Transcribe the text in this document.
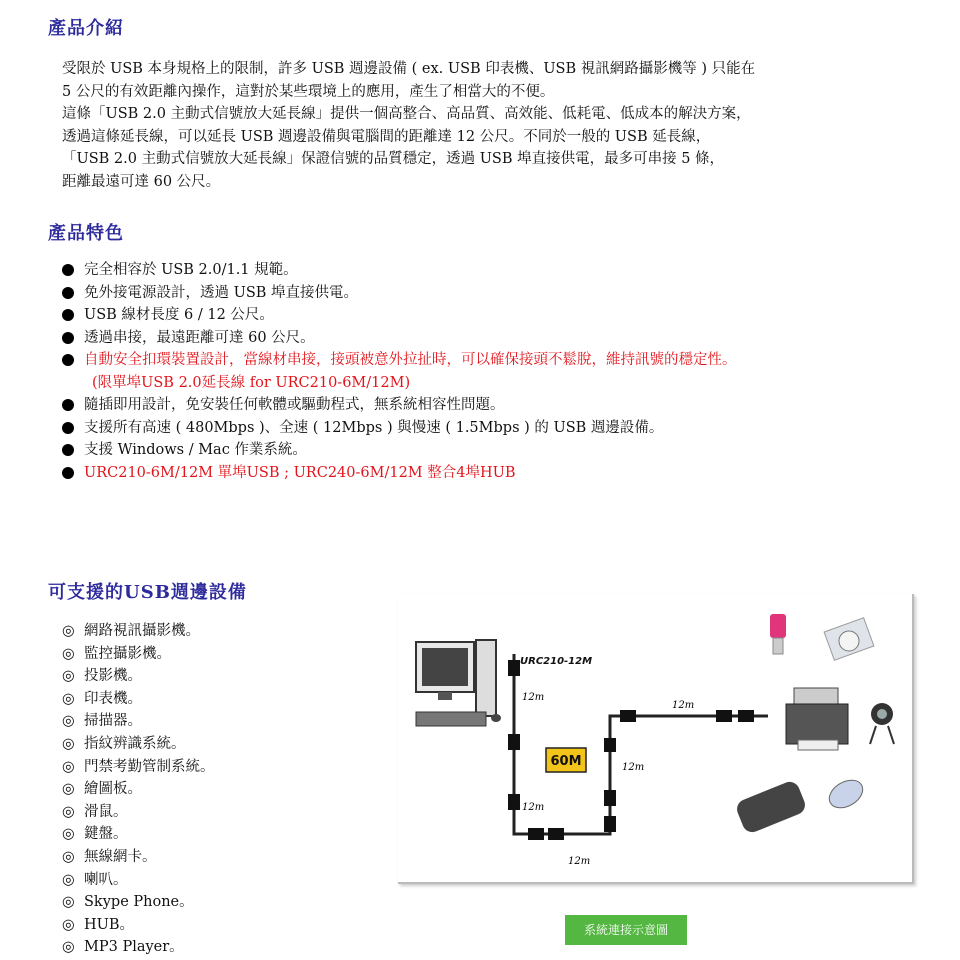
產品介紹
受限於 USB 本身規格上的限制，許多 USB 週邊設備 ( ex. USB 印表機、USB 視訊網路攝影機等 ) 只能在
5 公尺的有效距離內操作，這對於某些環境上的應用，產生了相當大的不便。
這條「USB 2.0 主動式信號放大延長線」提供一個高整合、高品質、高效能、低耗電、低成本的解決方案，
透過這條延長線，可以延長 USB 週邊設備與電腦間的距離達 12 公尺。不同於一般的 USB 延長線，
「USB 2.0 主動式信號放大延長線」保證信號的品質穩定，透過 USB 埠直接供電，最多可串接 5 條，
距離最遠可達 60 公尺。
產品特色
完全相容於 USB 2.0/1.1 規範。
免外接電源設計，透過 USB 埠直接供電。
USB 線材長度 6 / 12 公尺。
透過串接，最遠距離可達 60 公尺。
自動安全扣環裝置設計，當線材串接，接頭被意外拉扯時，可以確保接頭不鬆脫，維持訊號的穩定性。
(限單埠USB 2.0延長線 for URC210-6M/12M)
隨插即用設計，免安裝任何軟體或驅動程式，無系統相容性問題。
支援所有高速 ( 480Mbps )、全速 ( 12Mbps ) 與慢速 ( 1.5Mbps ) 的 USB 週邊設備。
支援 Windows / Mac 作業系統。
URC210-6M/12M 單埠USB ; URC240-6M/12M 整合4埠HUB
可支援的USB週邊設備
◎ 網路視訊攝影機。
◎ 監控攝影機。
◎ 投影機。
◎ 印表機。
◎ 掃描器。
◎ 指紋辨識系統。
◎ 門禁考勤管制系統。
◎ 繪圖板。
◎ 滑鼠。
◎ 鍵盤。
◎ 無線網卡。
◎ 喇叭。
◎ Skype Phone。
◎ HUB。
◎ MP3 Player。
URC210-12M
60M
12m
12m
12m
12m
12m
系統連接示意圖
